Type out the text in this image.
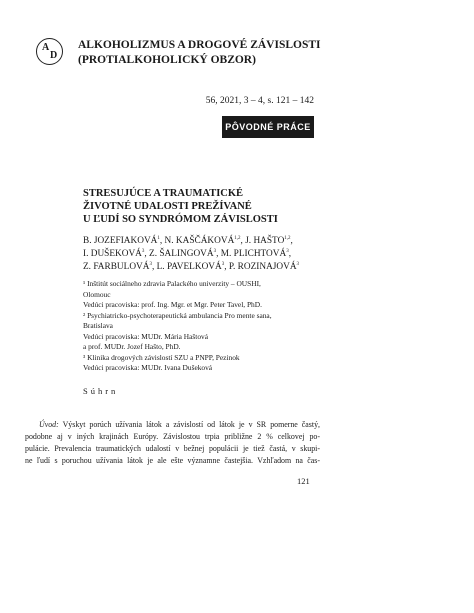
A
D
ALKOHOLIZMUS A DROGOVÉ ZÁVISLOSTI
(PROTIALKOHOLICKÝ OBZOR)
56, 2021, 3 – 4, s. 121 – 142
PÔVODNÉ PRÁCE
STRESUJÚCE A TRAUMATICKÉ
ŽIVOTNÉ UDALOSTI PREŽÍVANÉ
U ĽUDÍ SO SYNDRÓMOM ZÁVISLOSTI
B. JOZEFIAKOVÁ$^1$, N. KAŠČÁKOVÁ$^{1,2}$, J. HAŠTO$^{1,2}$,
I. DUŠEKOVÁ$^3$, Z. ŠALINGOVÁ$^3$, M. PLICHTOVÁ$^3$,
Z. FARBULOVÁ$^3$, L. PAVELKOVÁ$^3$, P. ROZINAJOVÁ$^3$
¹ Inštitút sociálneho zdravia Palackého univerzity – OUSHI,
Olomouc
Vedúci pracoviska: prof. Ing. Mgr. et Mgr. Peter Tavel, PhD.
² Psychiatricko-psychoterapeutická ambulancia Pro mente sana,
Bratislava
Vedúci pracoviska: MUDr. Mária Haštová
a prof. MUDr. Jozef Hašto, PhD.
³ Klinika drogových závislostí SZU a PNPP, Pezinok
Vedúci pracoviska: MUDr. Ivana Dušeková
Súhrn
Úvod: Výskyt porúch užívania látok a závislostí od látok je v SR pomerne častý,
podobne aj v iných krajinách Európy. Závislostou trpia približne 2 % celkovej po-
pulácie. Prevalencia traumatických udalostí v bežnej populácii je tiež častá, v skupi-
ne ľudí s poruchou užívania látok je ale ešte významne častejšia. Vzhľadom na čas-
121
